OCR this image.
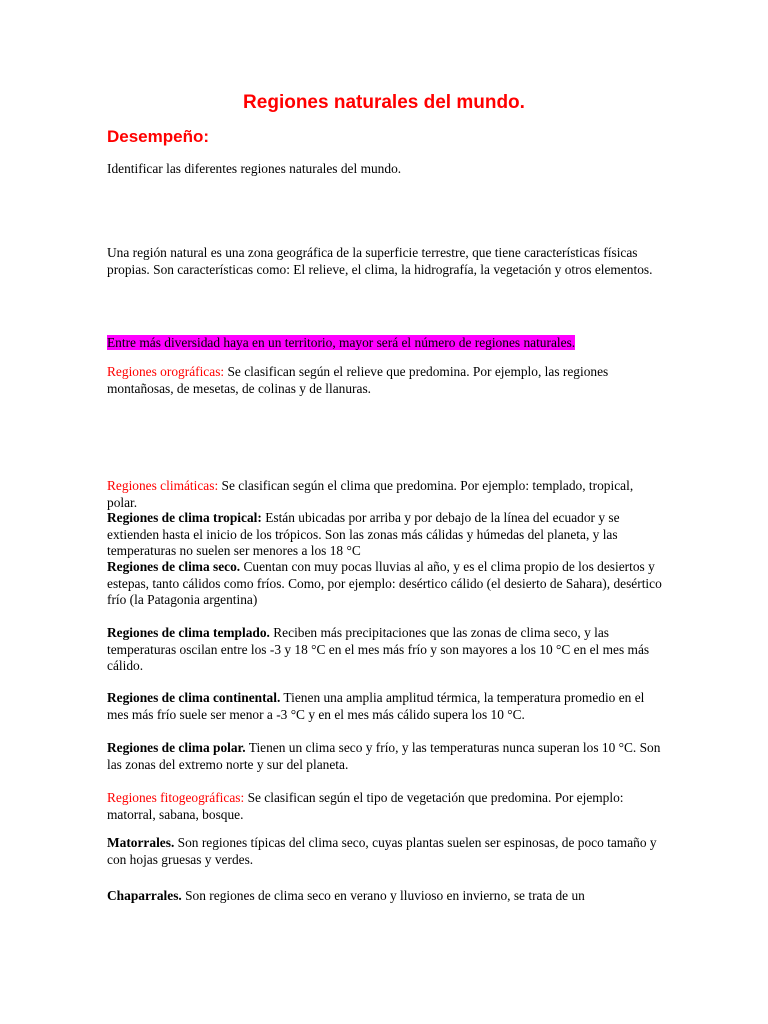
Regiones naturales del mundo.
Desempeño:

Identificar las diferentes regiones naturales del mundo.

Una región natural es una zona geográfica de la superficie terrestre, que tiene características físicas propias. Son características como: El relieve, el clima, la hidrografía, la vegetación y otros elementos.

Entre más diversidad haya en un territorio, mayor será el número de regiones naturales.

Regiones orográficas: Se clasifican según el relieve que predomina. Por ejemplo, las regiones montañosas, de mesetas, de colinas y de llanuras.

Regiones climáticas: Se clasifican según el clima que predomina. Por ejemplo: templado, tropical, polar.

Regiones de clima tropical: Están ubicadas por arriba y por debajo de la línea del ecuador y se extienden hasta el inicio de los trópicos. Son las zonas más cálidas y húmedas del planeta, y las temperaturas no suelen ser menores a los 18 °C

Regiones de clima seco. Cuentan con muy pocas lluvias al año, y es el clima propio de los desiertos y estepas, tanto cálidos como fríos. Como, por ejemplo: desértico cálido (el desierto de Sahara), desértico frío (la Patagonia argentina)

Regiones de clima templado. Reciben más precipitaciones que las zonas de clima seco, y las temperaturas oscilan entre los -3 y 18 °C en el mes más frío y son mayores a los 10 °C en el mes más cálido.

Regiones de clima continental. Tienen una amplia amplitud térmica, la temperatura promedio en el mes más frío suele ser menor a -3 °C y en el mes más cálido supera los 10 °C.

Regiones de clima polar. Tienen un clima seco y frío, y las temperaturas nunca superan los 10 °C. Son las zonas del extremo norte y sur del planeta.

Regiones fitogeográficas: Se clasifican según el tipo de vegetación que predomina. Por ejemplo: matorral, sabana, bosque.

Matorrales. Son regiones típicas del clima seco, cuyas plantas suelen ser espinosas, de poco tamaño y con hojas gruesas y verdes.

Chaparrales. Son regiones de clima seco en verano y lluvioso en invierno, se trata de un
